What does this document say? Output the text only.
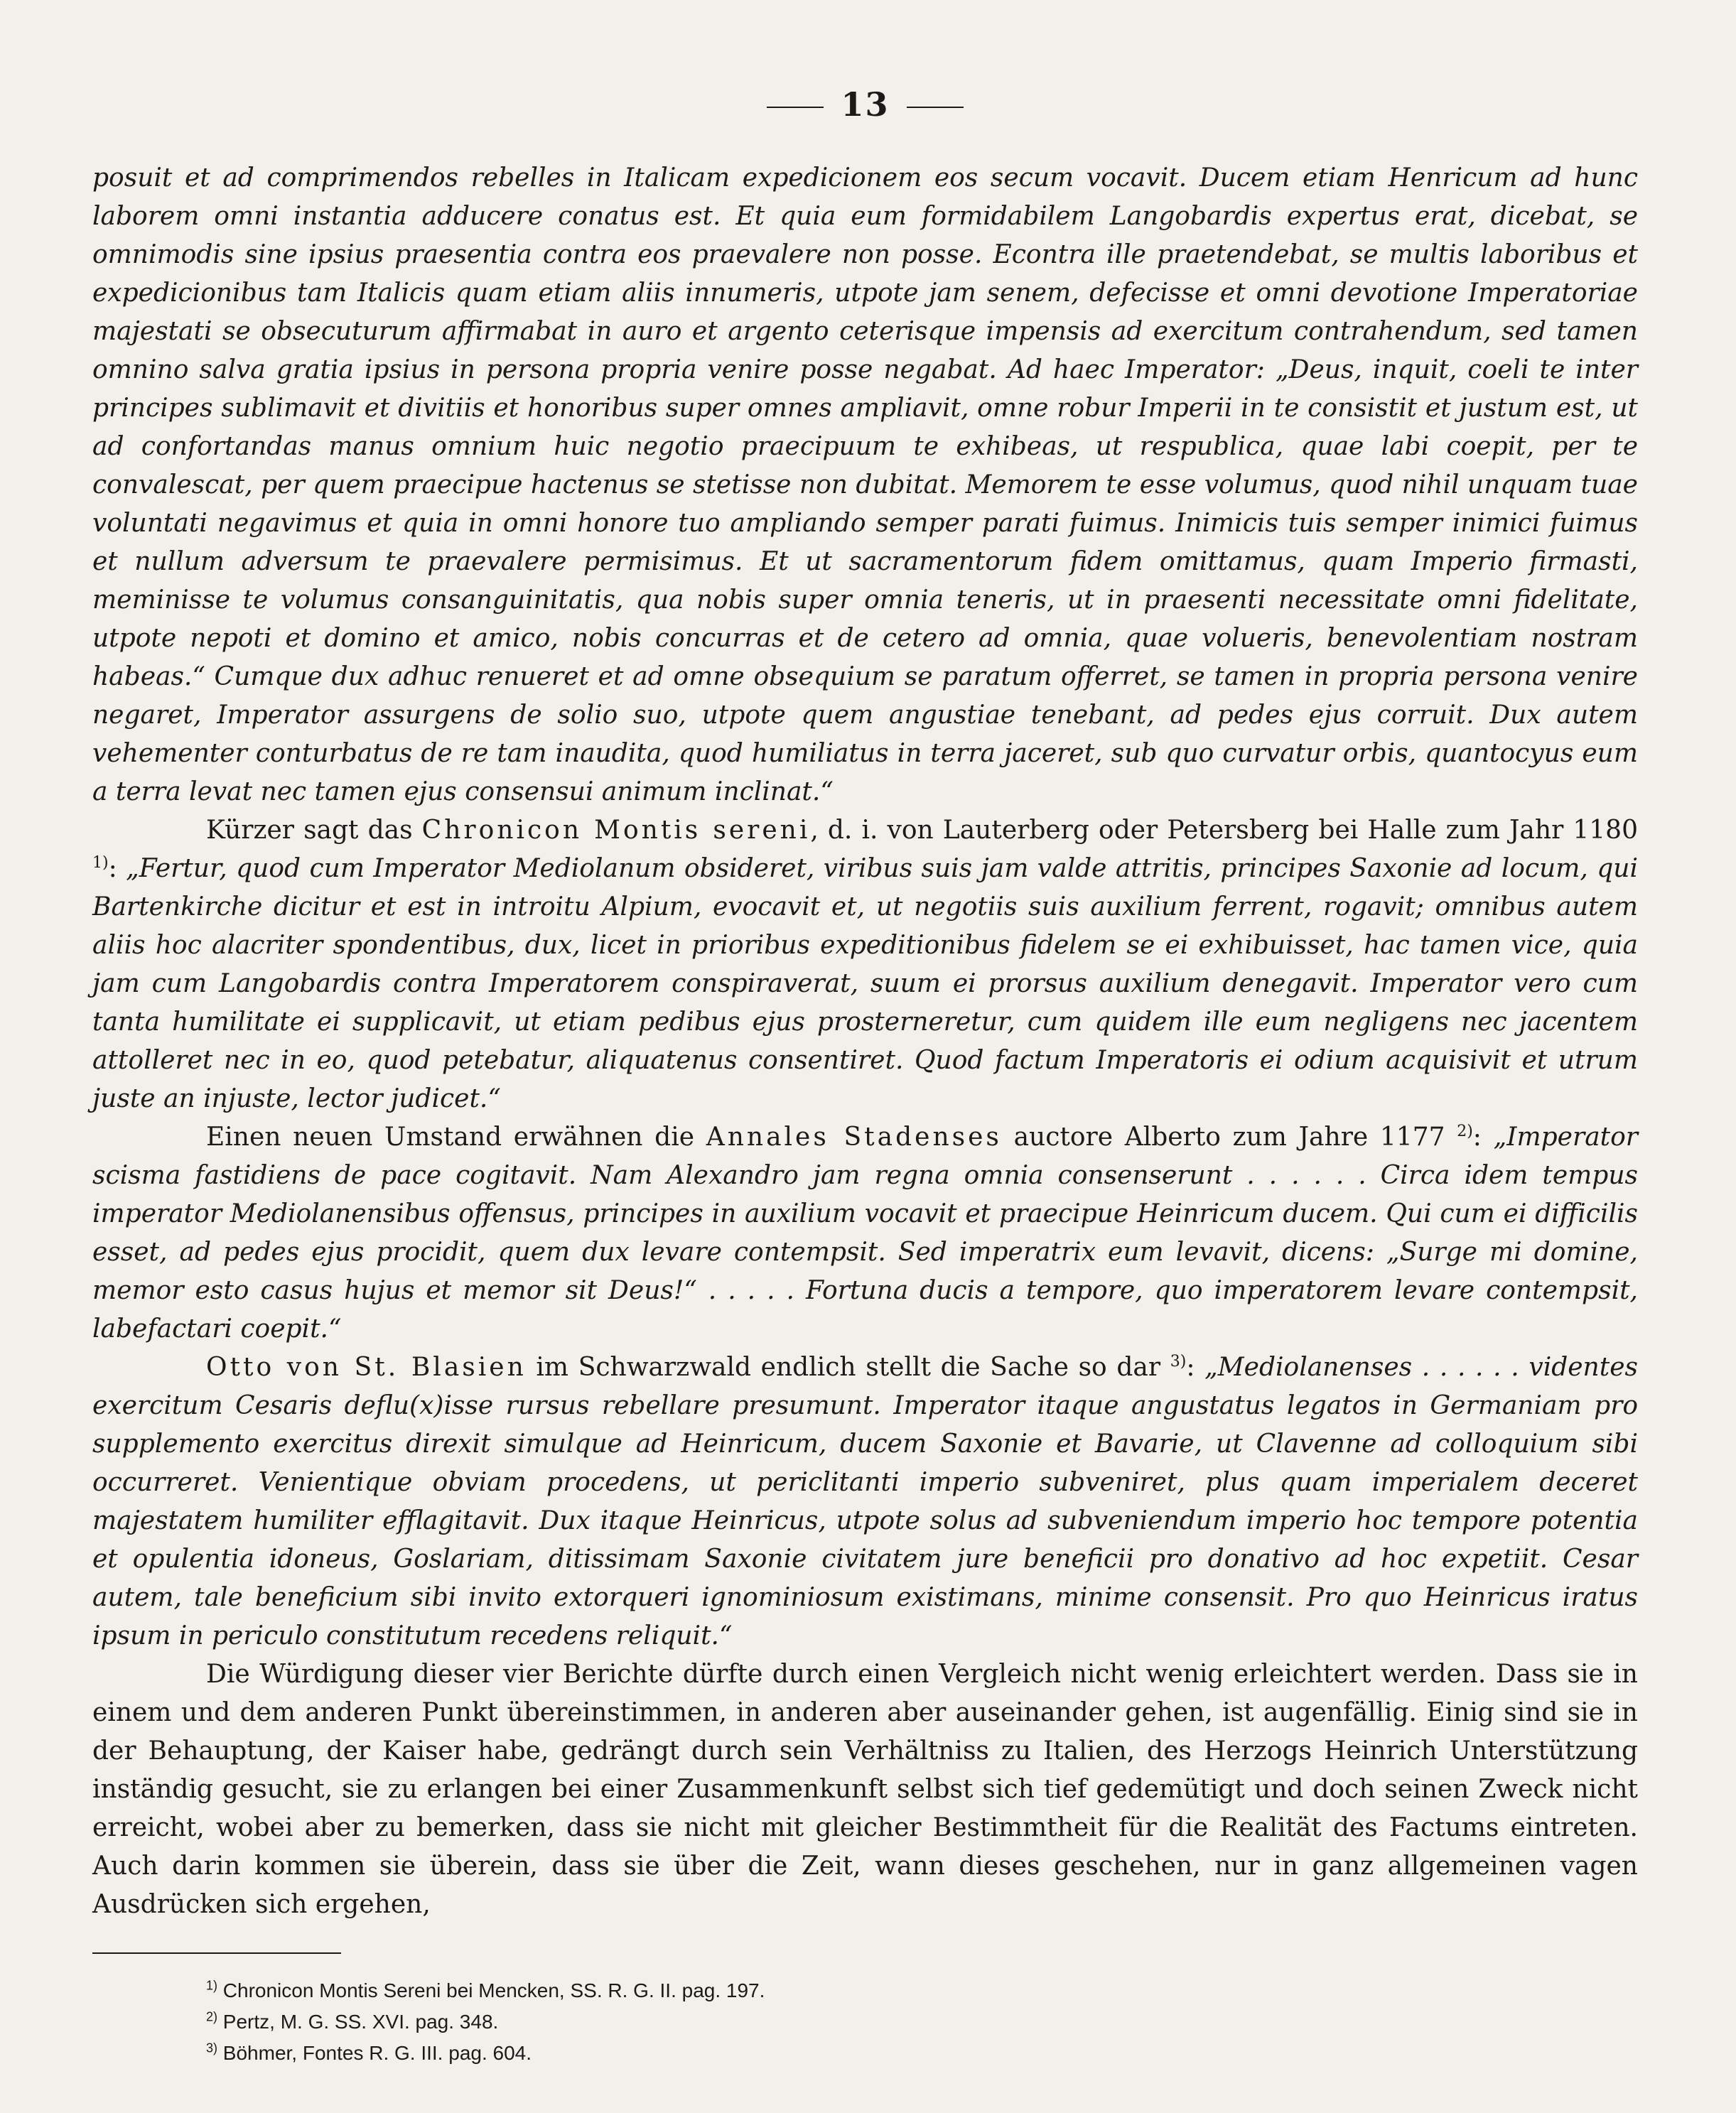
13

posuit et ad comprimendos rebelles in Italicam expedicionem eos secum vocavit. Ducem etiam Henricum ad hunc laborem omni instantia adducere conatus est. Et quia eum formidabilem Langobardis expertus erat, dicebat, se omnimodis sine ipsius praesentia contra eos praevalere non posse. Econtra ille praetendebat, se multis laboribus et expedicionibus tam Italicis quam etiam aliis innumeris, utpote jam senem, defecisse et omni devotione Imperatoriae majestati se obsecuturum affirmabat in auro et argento ceterisque impensis ad exercitum contrahendum, sed tamen omnino salva gratia ipsius in persona propria venire posse negabat. Ad haec Imperator: „Deus, inquit, coeli te inter principes sublimavit et divitiis et honoribus super omnes ampliavit, omne robur Imperii in te consistit et justum est, ut ad confortandas manus omnium huic negotio praecipuum te exhibeas, ut respublica, quae labi coepit, per te convalescat, per quem praecipue hactenus se stetisse non dubitat. Memorem te esse volumus, quod nihil unquam tuae voluntati negavimus et quia in omni honore tuo ampliando semper parati fuimus. Inimicis tuis semper inimici fuimus et nullum adversum te praevalere permisimus. Et ut sacramentorum fidem omittamus, quam Imperio firmasti, meminisse te volumus consanguinitatis, qua nobis super omnia teneris, ut in praesenti necessitate omni fidelitate, utpote nepoti et domino et amico, nobis concurras et de cetero ad omnia, quae volueris, benevolentiam nostram habeas.“ Cumque dux adhuc renueret et ad omne obsequium se paratum offerret, se tamen in propria persona venire negaret, Imperator assurgens de solio suo, utpote quem angustiae tenebant, ad pedes ejus corruit. Dux autem vehementer conturbatus de re tam inaudita, quod humiliatus in terra jaceret, sub quo curvatur orbis, quantocyus eum a terra levat nec tamen ejus consensui animum inclinat.“

Kürzer sagt das Chronicon Montis sereni, d. i. von Lauterberg oder Petersberg bei Halle zum Jahr 1180 $^{1)}$: „Fertur, quod cum Imperator Mediolanum obsideret, viribus suis jam valde attritis, principes Saxonie ad locum, qui Bartenkirche dicitur et est in introitu Alpium, evocavit et, ut negotiis suis auxilium ferrent, rogavit; omnibus autem aliis hoc alacriter spondentibus, dux, licet in prioribus expeditionibus fidelem se ei exhibuisset, hac tamen vice, quia jam cum Langobardis contra Imperatorem conspiraverat, suum ei prorsus auxilium denegavit. Imperator vero cum tanta humilitate ei supplicavit, ut etiam pedibus ejus prosterneretur, cum quidem ille eum negligens nec jacentem attolleret nec in eo, quod petebatur, aliquatenus consentiret. Quod factum Imperatoris ei odium acquisivit et utrum juste an injuste, lector judicet.“

Einen neuen Umstand erwähnen die Annales Stadenses auctore Alberto zum Jahre 1177 $^{2)}$: „Imperator scisma fastidiens de pace cogitavit. Nam Alexandro jam regna omnia consenserunt . . . . . . Circa idem tempus imperator Mediolanensibus offensus, principes in auxilium vocavit et praecipue Heinricum ducem. Qui cum ei difficilis esset, ad pedes ejus procidit, quem dux levare contempsit. Sed imperatrix eum levavit, dicens: „Surge mi domine, memor esto casus hujus et memor sit Deus!“ . . . . . Fortuna ducis a tempore, quo imperatorem levare contempsit, labefactari coepit.“

Otto von St. Blasien im Schwarzwald endlich stellt die Sache so dar $^{3)}$: „Mediolanenses . . . . . . videntes exercitum Cesaris deflu(x)isse rursus rebellare presumunt. Imperator itaque angustatus legatos in Germaniam pro supplemento exercitus direxit simulque ad Heinricum, ducem Saxonie et Bavarie, ut Clavenne ad colloquium sibi occurreret. Venientique obviam procedens, ut periclitanti imperio subveniret, plus quam imperialem deceret majestatem humiliter efflagitavit. Dux itaque Heinricus, utpote solus ad subveniendum imperio hoc tempore potentia et opulentia idoneus, Goslariam, ditissimam Saxonie civitatem jure beneficii pro donativo ad hoc expetiit. Cesar autem, tale beneficium sibi invito extorqueri ignominiosum existimans, minime consensit. Pro quo Heinricus iratus ipsum in periculo constitutum recedens reliquit.“

Die Würdigung dieser vier Berichte dürfte durch einen Vergleich nicht wenig erleichtert werden. Dass sie in einem und dem anderen Punkt übereinstimmen, in anderen aber auseinander gehen, ist augenfällig. Einig sind sie in der Behauptung, der Kaiser habe, gedrängt durch sein Verhältniss zu Italien, des Herzogs Heinrich Unterstützung inständig gesucht, sie zu erlangen bei einer Zusammenkunft selbst sich tief gedemütigt und doch seinen Zweck nicht erreicht, wobei aber zu bemerken, dass sie nicht mit gleicher Bestimmtheit für die Realität des Factums eintreten. Auch darin kommen sie überein, dass sie über die Zeit, wann dieses geschehen, nur in ganz allgemeinen vagen Ausdrücken sich ergehen,

$^{1)}$ Chronicon Montis Sereni bei Mencken, SS. R. G. II. pag. 197.
$^{2)}$ Pertz, M. G. SS. XVI. pag. 348.
$^{3)}$ Böhmer, Fontes R. G. III. pag. 604.
